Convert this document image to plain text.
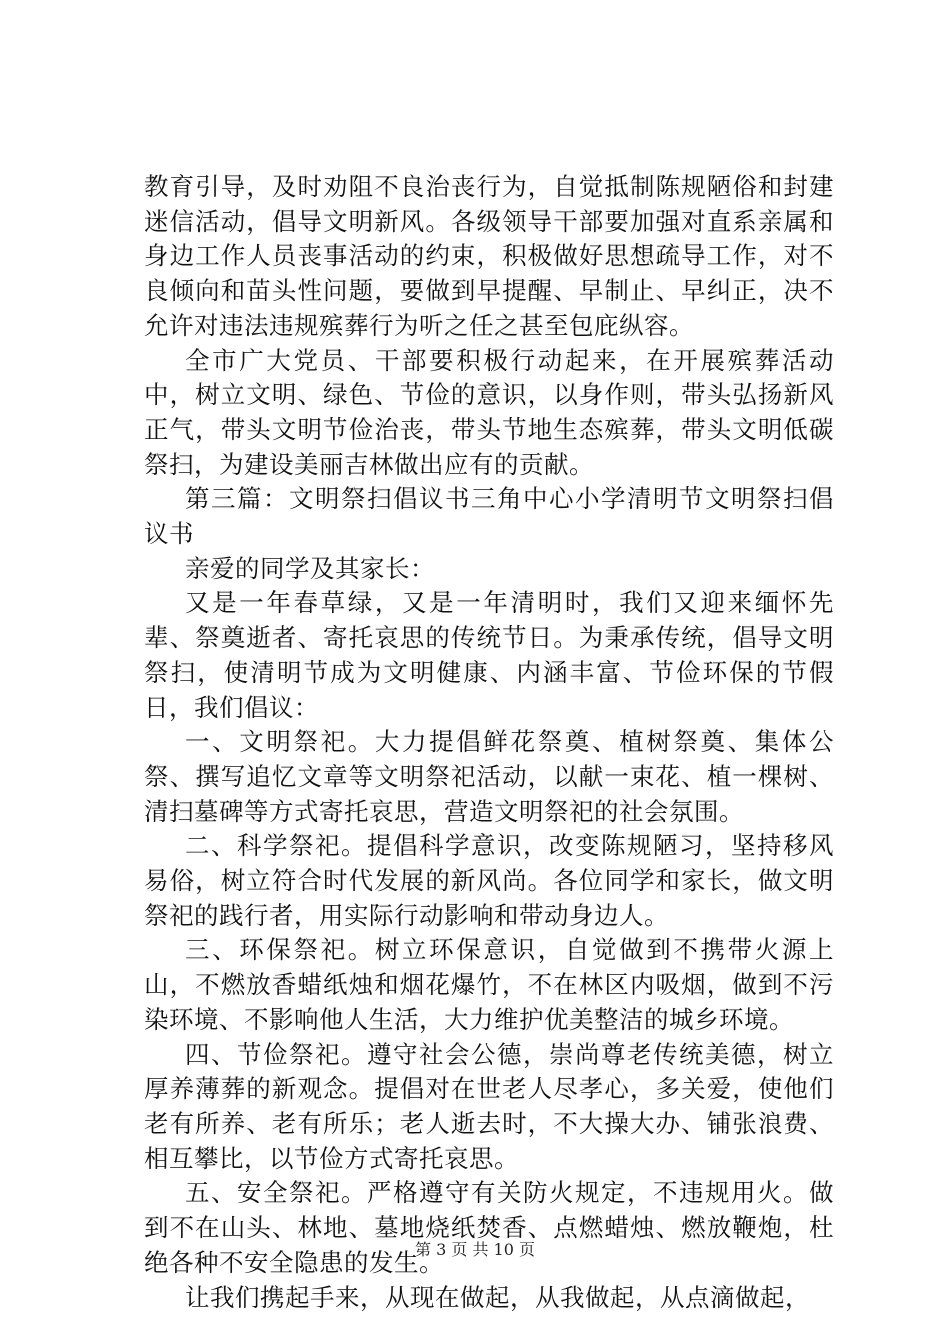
教育引导，及时劝阻不良治丧行为，自觉抵制陈规陋俗和封建迷信活动，倡导文明新风。各级领导干部要加强对直系亲属和身边工作人员丧事活动的约束，积极做好思想疏导工作，对不良倾向和苗头性问题，要做到早提醒、早制止、早纠正，决不允许对违法违规殡葬行为听之任之甚至包庇纵容。

全市广大党员、干部要积极行动起来，在开展殡葬活动中，树立文明、绿色、节俭的意识，以身作则，带头弘扬新风正气，带头文明节俭治丧，带头节地生态殡葬，带头文明低碳祭扫，为建设美丽吉林做出应有的贡献。

第三篇：文明祭扫倡议书三角中心小学清明节文明祭扫倡议书

亲爱的同学及其家长：

又是一年春草绿，又是一年清明时，我们又迎来缅怀先辈、祭奠逝者、寄托哀思的传统节日。为秉承传统，倡导文明祭扫，使清明节成为文明健康、内涵丰富、节俭环保的节假日，我们倡议：

一、文明祭祀。大力提倡鲜花祭奠、植树祭奠、集体公祭、撰写追忆文章等文明祭祀活动，以献一束花、植一棵树、清扫墓碑等方式寄托哀思，营造文明祭祀的社会氛围。

二、科学祭祀。提倡科学意识，改变陈规陋习，坚持移风易俗，树立符合时代发展的新风尚。各位同学和家长，做文明祭祀的践行者，用实际行动影响和带动身边人。

三、环保祭祀。树立环保意识，自觉做到不携带火源上山，不燃放香蜡纸烛和烟花爆竹，不在林区内吸烟，做到不污染环境、不影响他人生活，大力维护优美整洁的城乡环境。

四、节俭祭祀。遵守社会公德，崇尚尊老传统美德，树立厚养薄葬的新观念。提倡对在世老人尽孝心，多关爱，使他们老有所养、老有所乐；老人逝去时，不大操大办、铺张浪费、相互攀比，以节俭方式寄托哀思。

五、安全祭祀。严格遵守有关防火规定，不违规用火。做到不在山头、林地、墓地烧纸焚香、点燃蜡烛、燃放鞭炮，杜绝各种不安全隐患的发生。

让我们携起手来，从现在做起，从我做起，从点滴做起，

第 3 页 共 10 页
